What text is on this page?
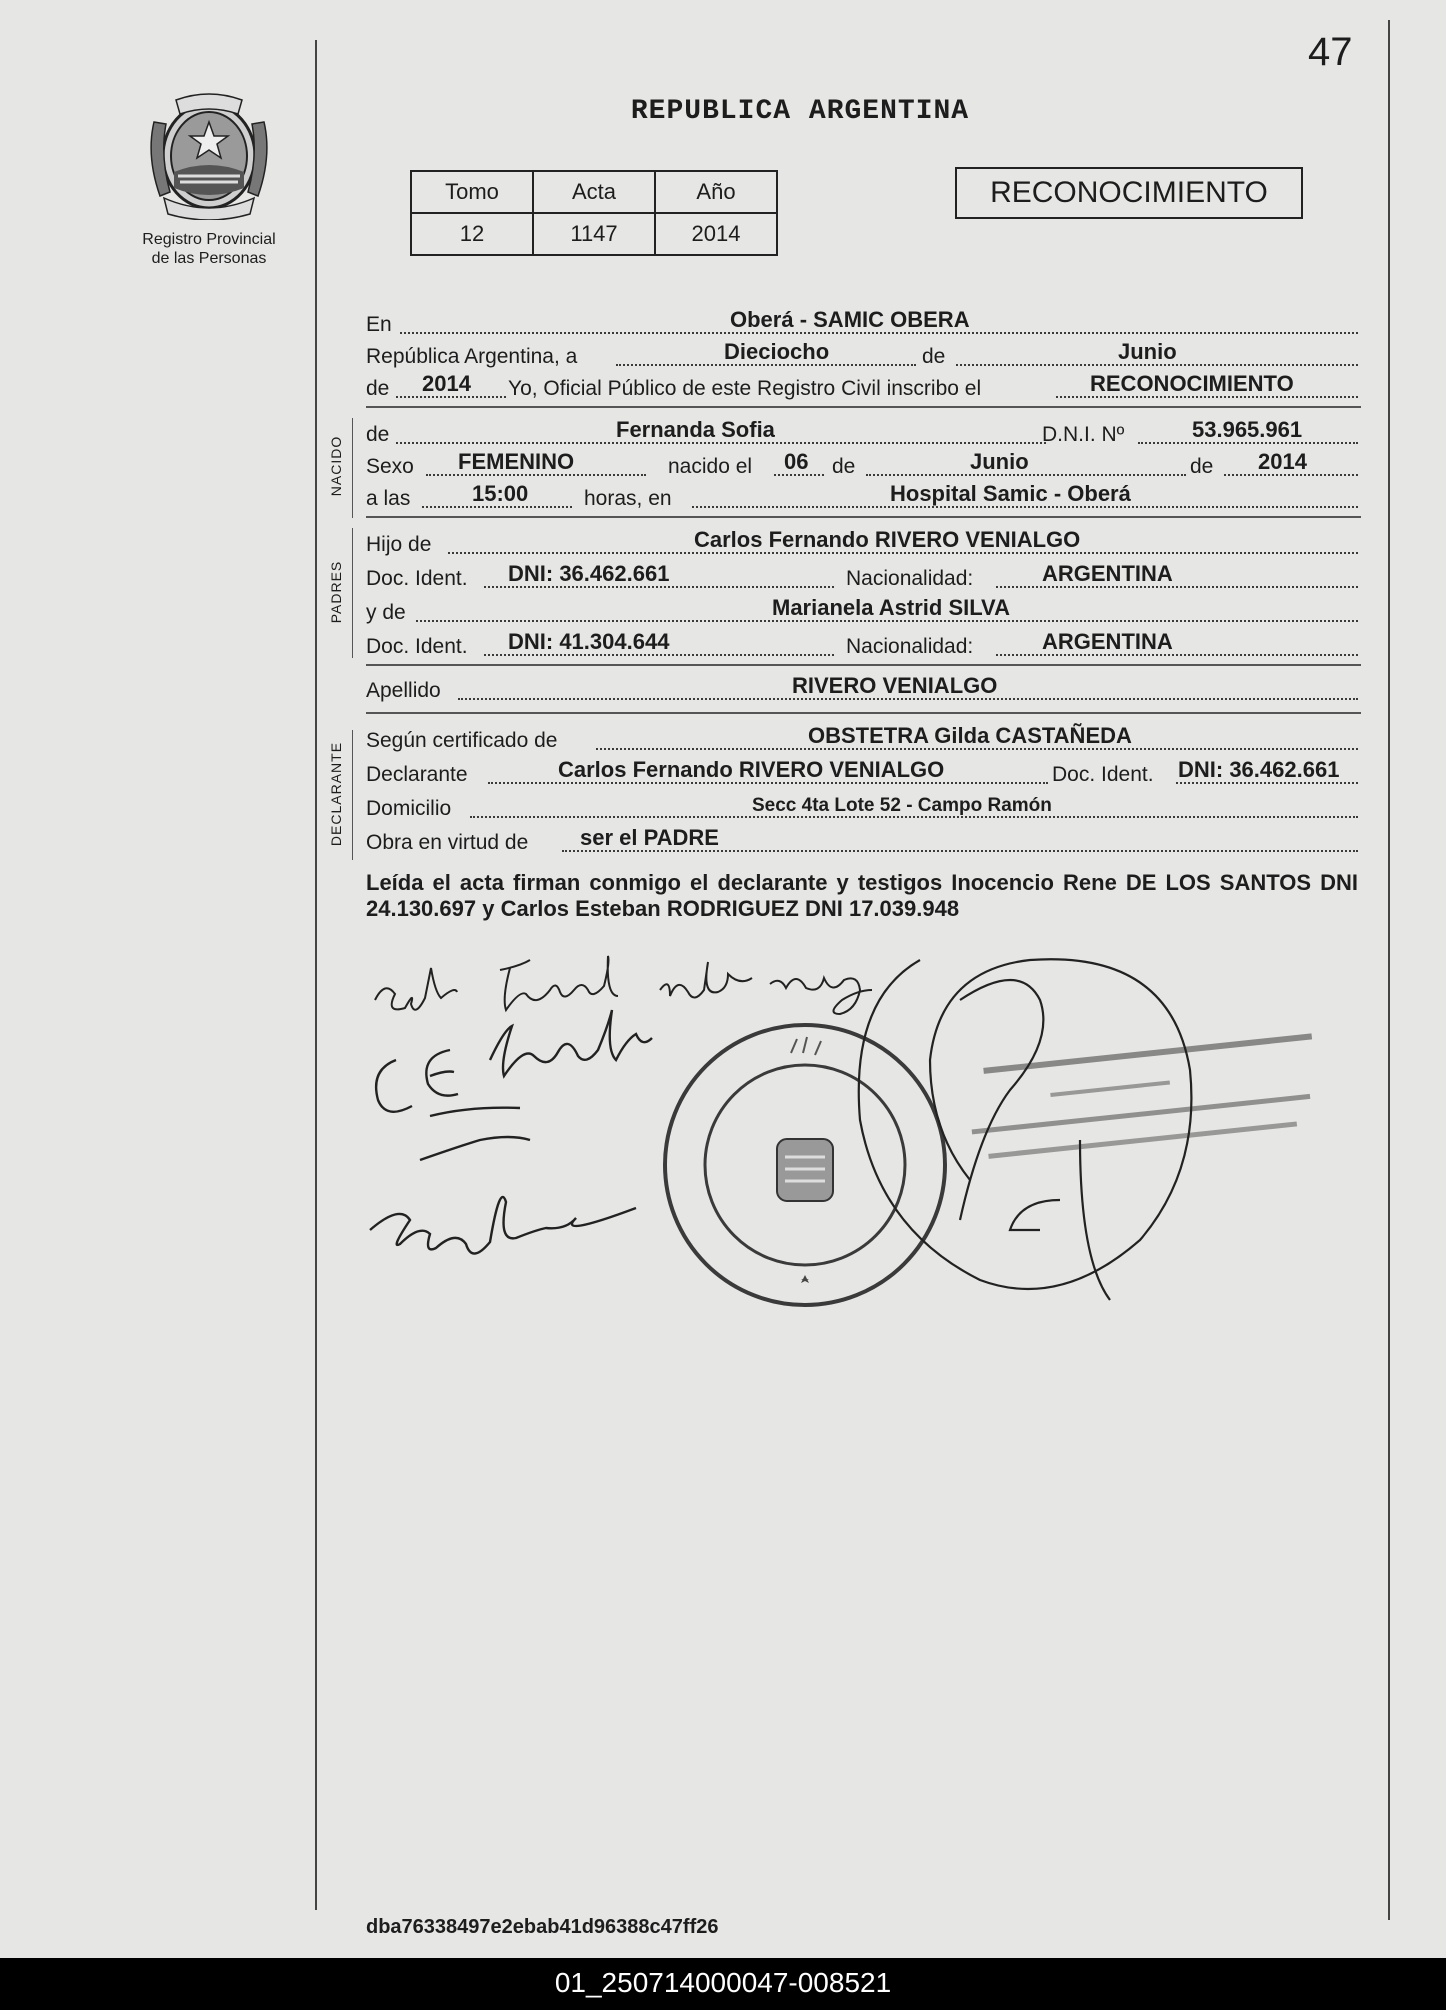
47
Registro Provincial
de las Personas
REPUBLICA ARGENTINA
Tomo	Acta	Año
12	1147	2014
RECONOCIMIENTO
En	Oberá - SAMIC OBERA
República Argentina, a	Dieciocho	de	Junio
de 2014 Yo, Oficial Público de este Registro Civil inscribo el	RECONOCIMIENTO
NACIDO
de	Fernanda Sofia	D.N.I. Nº	53.965.961
Sexo FEMENINO	nacido el 06 de	Junio	de 2014
a las	15:00	horas, en	Hospital Samic - Oberá
PADRES
Hijo de	Carlos Fernando RIVERO VENIALGO
Doc. Ident. DNI: 36.462.661	Nacionalidad:	ARGENTINA
y de	Marianela Astrid SILVA
Doc. Ident. DNI: 41.304.644	Nacionalidad:	ARGENTINA
Apellido	RIVERO VENIALGO
DECLARANTE
Según certificado de	OBSTETRA Gilda CASTAÑEDA
Declarante	Carlos Fernando RIVERO VENIALGO	Doc. Ident. DNI: 36.462.661
Domicilio	Secc 4ta Lote 52 - Campo Ramón
Obra en virtud de ser el PADRE
Leída el acta firman conmigo el declarante y testigos Inocencio Rene DE LOS SANTOS DNI 24.130.697 y Carlos Esteban RODRIGUEZ DNI 17.039.948
dba76338497e2ebab41d96388c47ff26
01_250714000047-008521
